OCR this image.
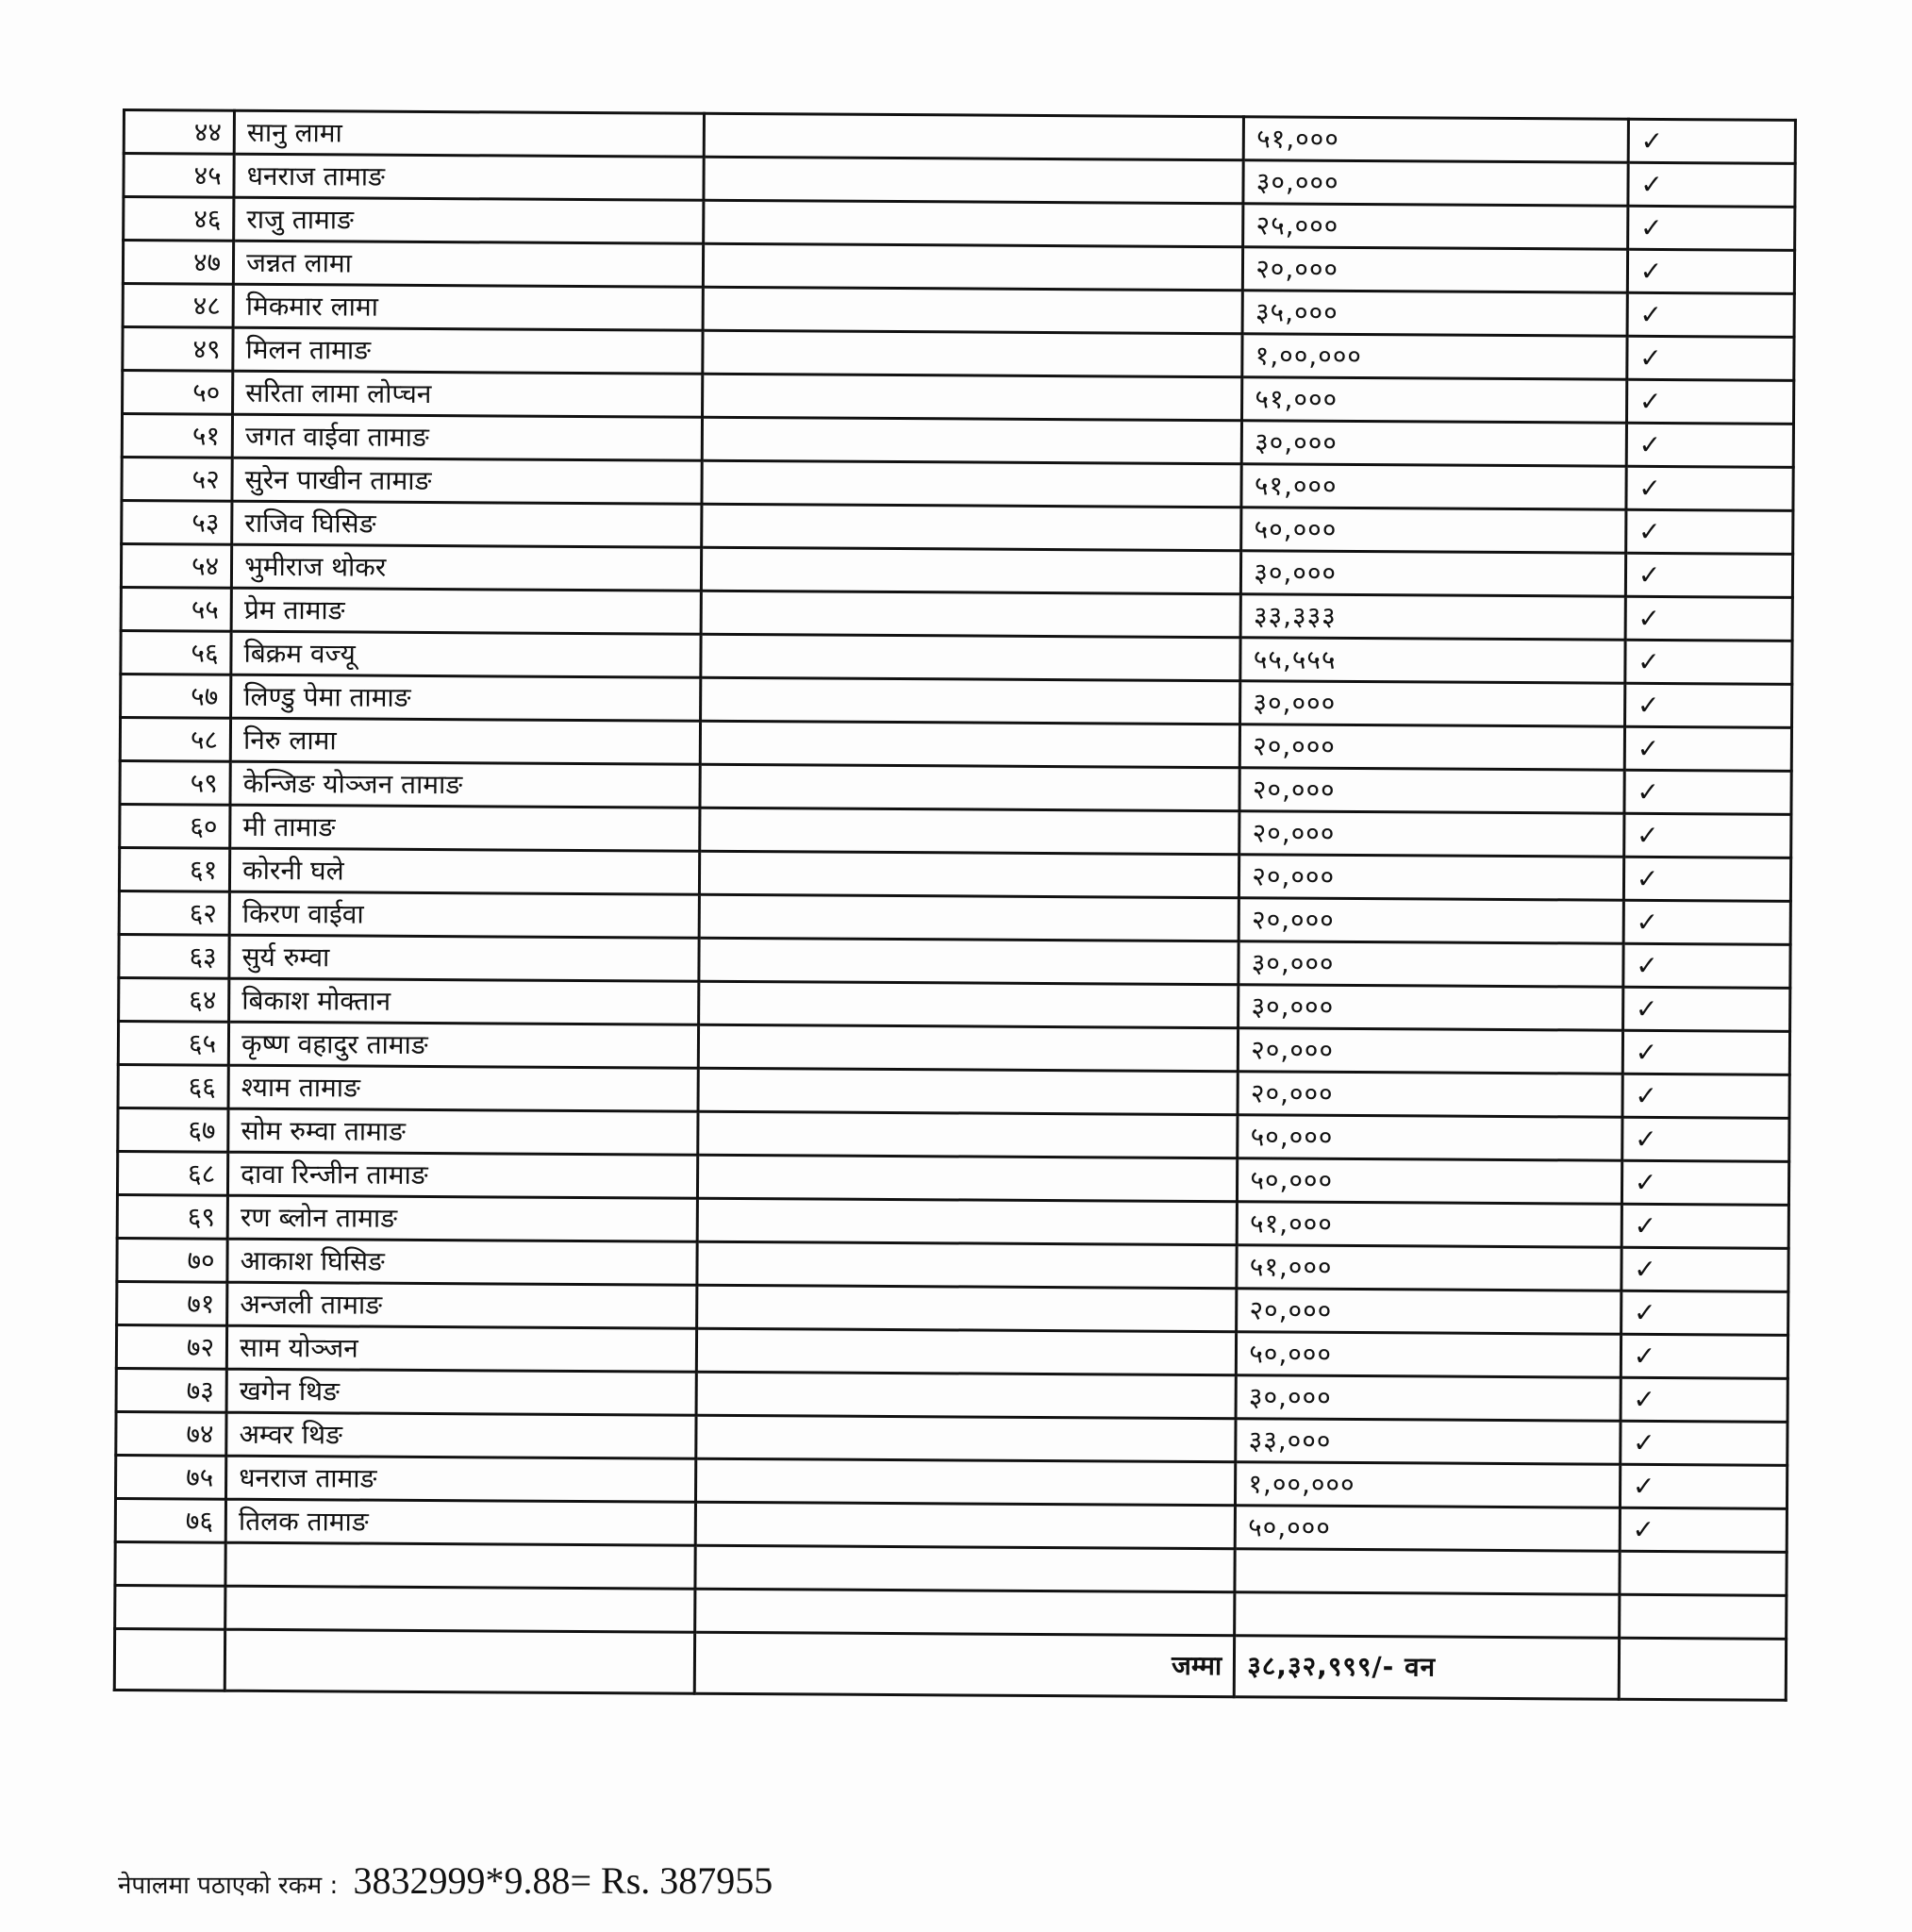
४४	सानु लामा		५१,०००	✓
४५	धनराज तामाङ		३०,०००	✓
४६	राजु तामाङ		२५,०००	✓
४७	जन्नत लामा		२०,०००	✓
४८	मिकमार लामा		३५,०००	✓
४९	मिलन तामाङ		१,००,०००	✓
५०	सरिता लामा लोप्चन		५१,०००	✓
५१	जगत वाईवा तामाङ		३०,०००	✓
५२	सुरेन पाखीन तामाङ		५१,०००	✓
५३	राजिव घिसिङ		५०,०००	✓
५४	भुमीराज थोकर		३०,०००	✓
५५	प्रेम तामाङ		३३,३३३	✓
५६	बिक्रम वज्यू		५५,५५५	✓
५७	लिण्डु पेमा तामाङ		३०,०००	✓
५८	निरु लामा		२०,०००	✓
५९	केन्जिङ योञ्जन तामाङ		२०,०००	✓
६०	मी तामाङ		२०,०००	✓
६१	कोरनी घले		२०,०००	✓
६२	किरण वाईवा		२०,०००	✓
६३	सुर्य रुम्वा		३०,०००	✓
६४	बिकाश मोक्तान		३०,०००	✓
६५	कृष्ण वहादुर तामाङ		२०,०००	✓
६६	श्याम तामाङ		२०,०००	✓
६७	सोम रुम्वा तामाङ		५०,०००	✓
६८	दावा रिन्जीन तामाङ		५०,०००	✓
६९	रण ब्लोन तामाङ		५१,०००	✓
७०	आकाश घिसिङ		५१,०००	✓
७१	अन्जली तामाङ		२०,०००	✓
७२	साम योञ्जन		५०,०००	✓
७३	खगेन थिङ		३०,०००	✓
७४	अम्वर थिङ		३३,०००	✓
७५	धनराज तामाङ		१,००,०००	✓
७६	तिलक तामाङ		५०,०००	✓

		जम्मा	३८,३२,९९९/- वन	
नेपालमा पठाएको रकम : 3832999*9.88= Rs. 387955
